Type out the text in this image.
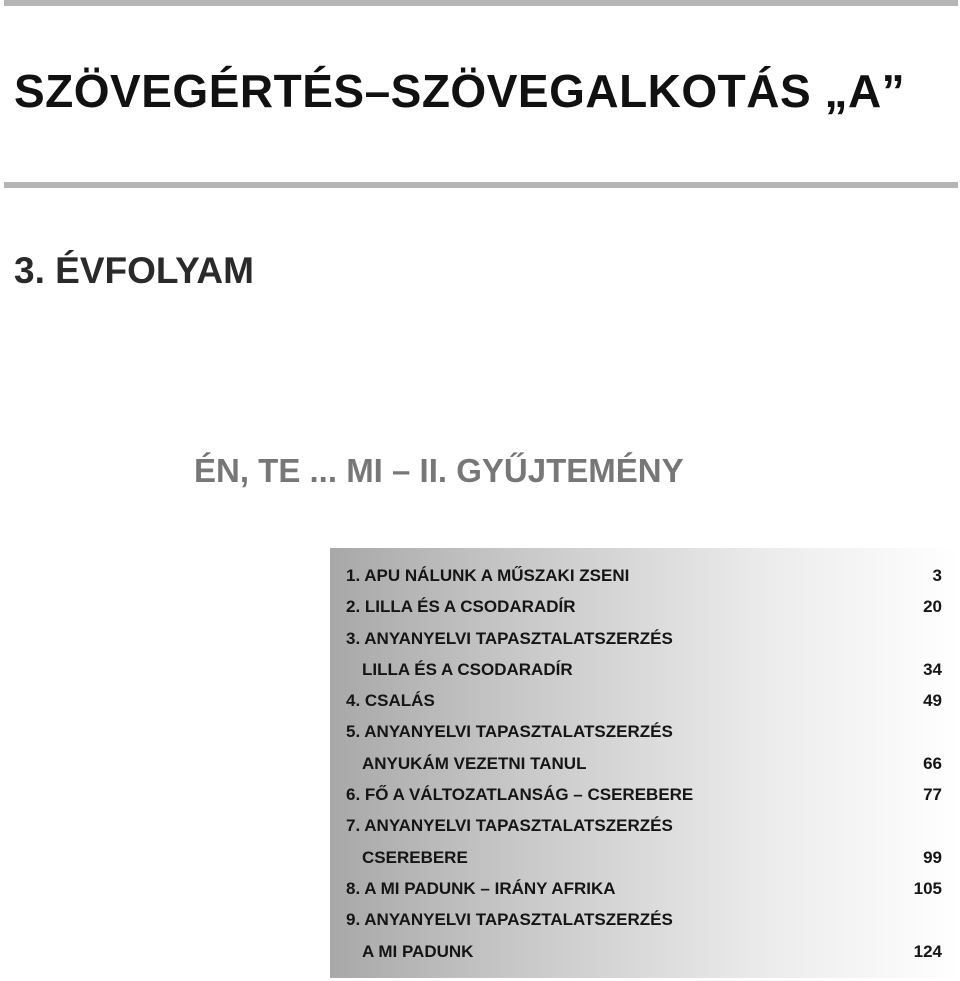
SZÖVEGÉRTÉS–SZÖVEGALKOTÁS „A”
3. ÉVFOLYAM
ÉN, TE ... MI – II. GYŰJTEMÉNY
1. APU NÁLUNK A MŰSZAKI ZSENI	3
2. LILLA ÉS A CSODARADÍR	20
3. ANYANYELVI TAPASZTALATSZERZÉS
LILLA ÉS A CSODARADÍR	34
4. CSALÁS	49
5. ANYANYELVI TAPASZTALATSZERZÉS
ANYUKÁM VEZETNI TANUL	66
6. FŐ A VÁLTOZATLANSÁG – CSEREBERE	77
7. ANYANYELVI TAPASZTALATSZERZÉS
CSEREBERE	99
8. A MI PADUNK – IRÁNY AFRIKA	105
9. ANYANYELVI TAPASZTALATSZERZÉS
A MI PADUNK	124
